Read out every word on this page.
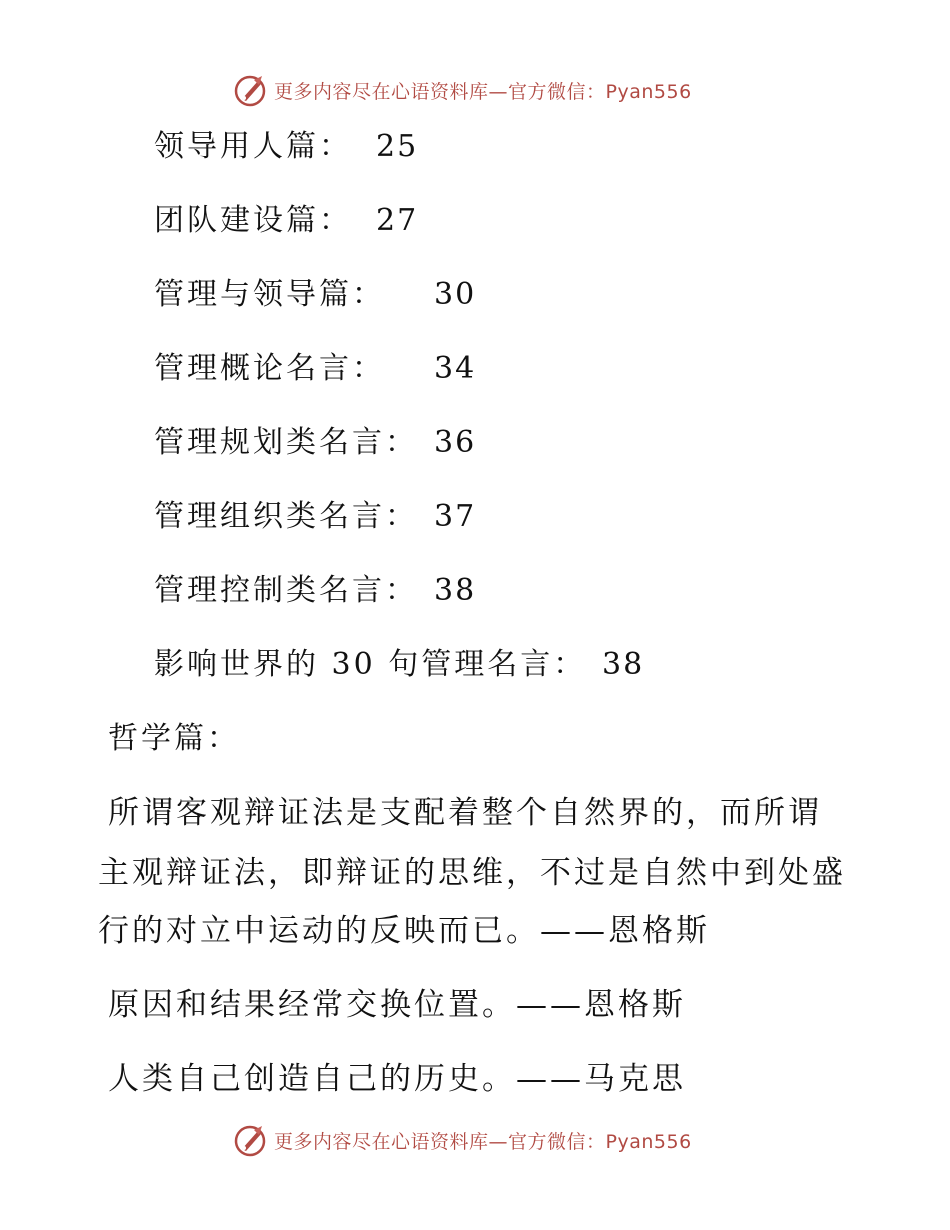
更多内容尽在心语资料库—官方微信：Pyan556
领导用人篇： 25
团队建设篇： 27
管理与领导篇： 30
管理概论名言： 34
管理规划类名言： 36
管理组织类名言： 37
管理控制类名言： 38
影响世界的 30 句管理名言： 38
哲学篇：
所谓客观辩证法是支配着整个自然界的，而所谓
主观辩证法，即辩证的思维，不过是自然中到处盛
行的对立中运动的反映而已。——恩格斯
原因和结果经常交换位置。——恩格斯
人类自己创造自己的历史。——马克思
更多内容尽在心语资料库—官方微信：Pyan556
